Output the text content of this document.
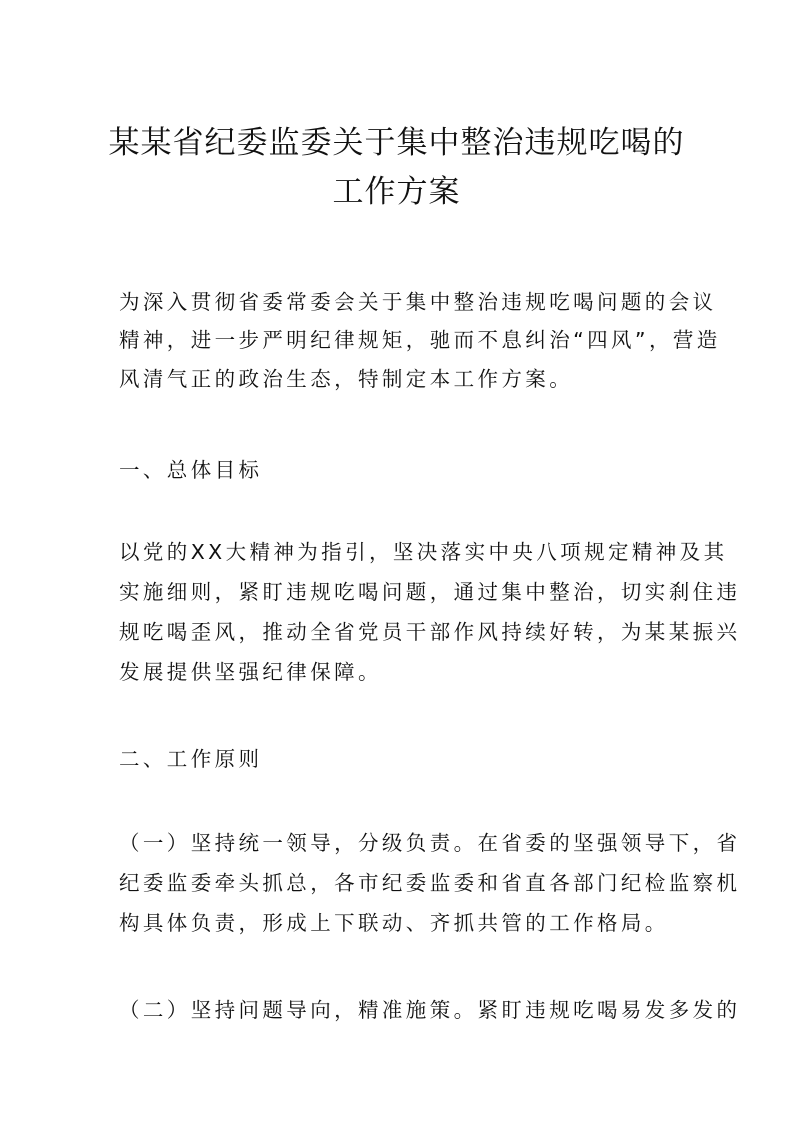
某某省纪委监委关于集中整治违规吃喝的
工作方案
为深入贯彻省委常委会关于集中整治违规吃喝问题的会议
精神，进一步严明纪律规矩，驰而不息纠治“四风”，营造
风清气正的政治生态，特制定本工作方案。
一、总体目标
以党的XX大精神为指引，坚决落实中央八项规定精神及其
实施细则，紧盯违规吃喝问题，通过集中整治，切实刹住违
规吃喝歪风，推动全省党员干部作风持续好转，为某某振兴
发展提供坚强纪律保障。
二、工作原则
（一）坚持统一领导，分级负责。在省委的坚强领导下，省
纪委监委牵头抓总，各市纪委监委和省直各部门纪检监察机
构具体负责，形成上下联动、齐抓共管的工作格局。
（二）坚持问题导向，精准施策。紧盯违规吃喝易发多发的
